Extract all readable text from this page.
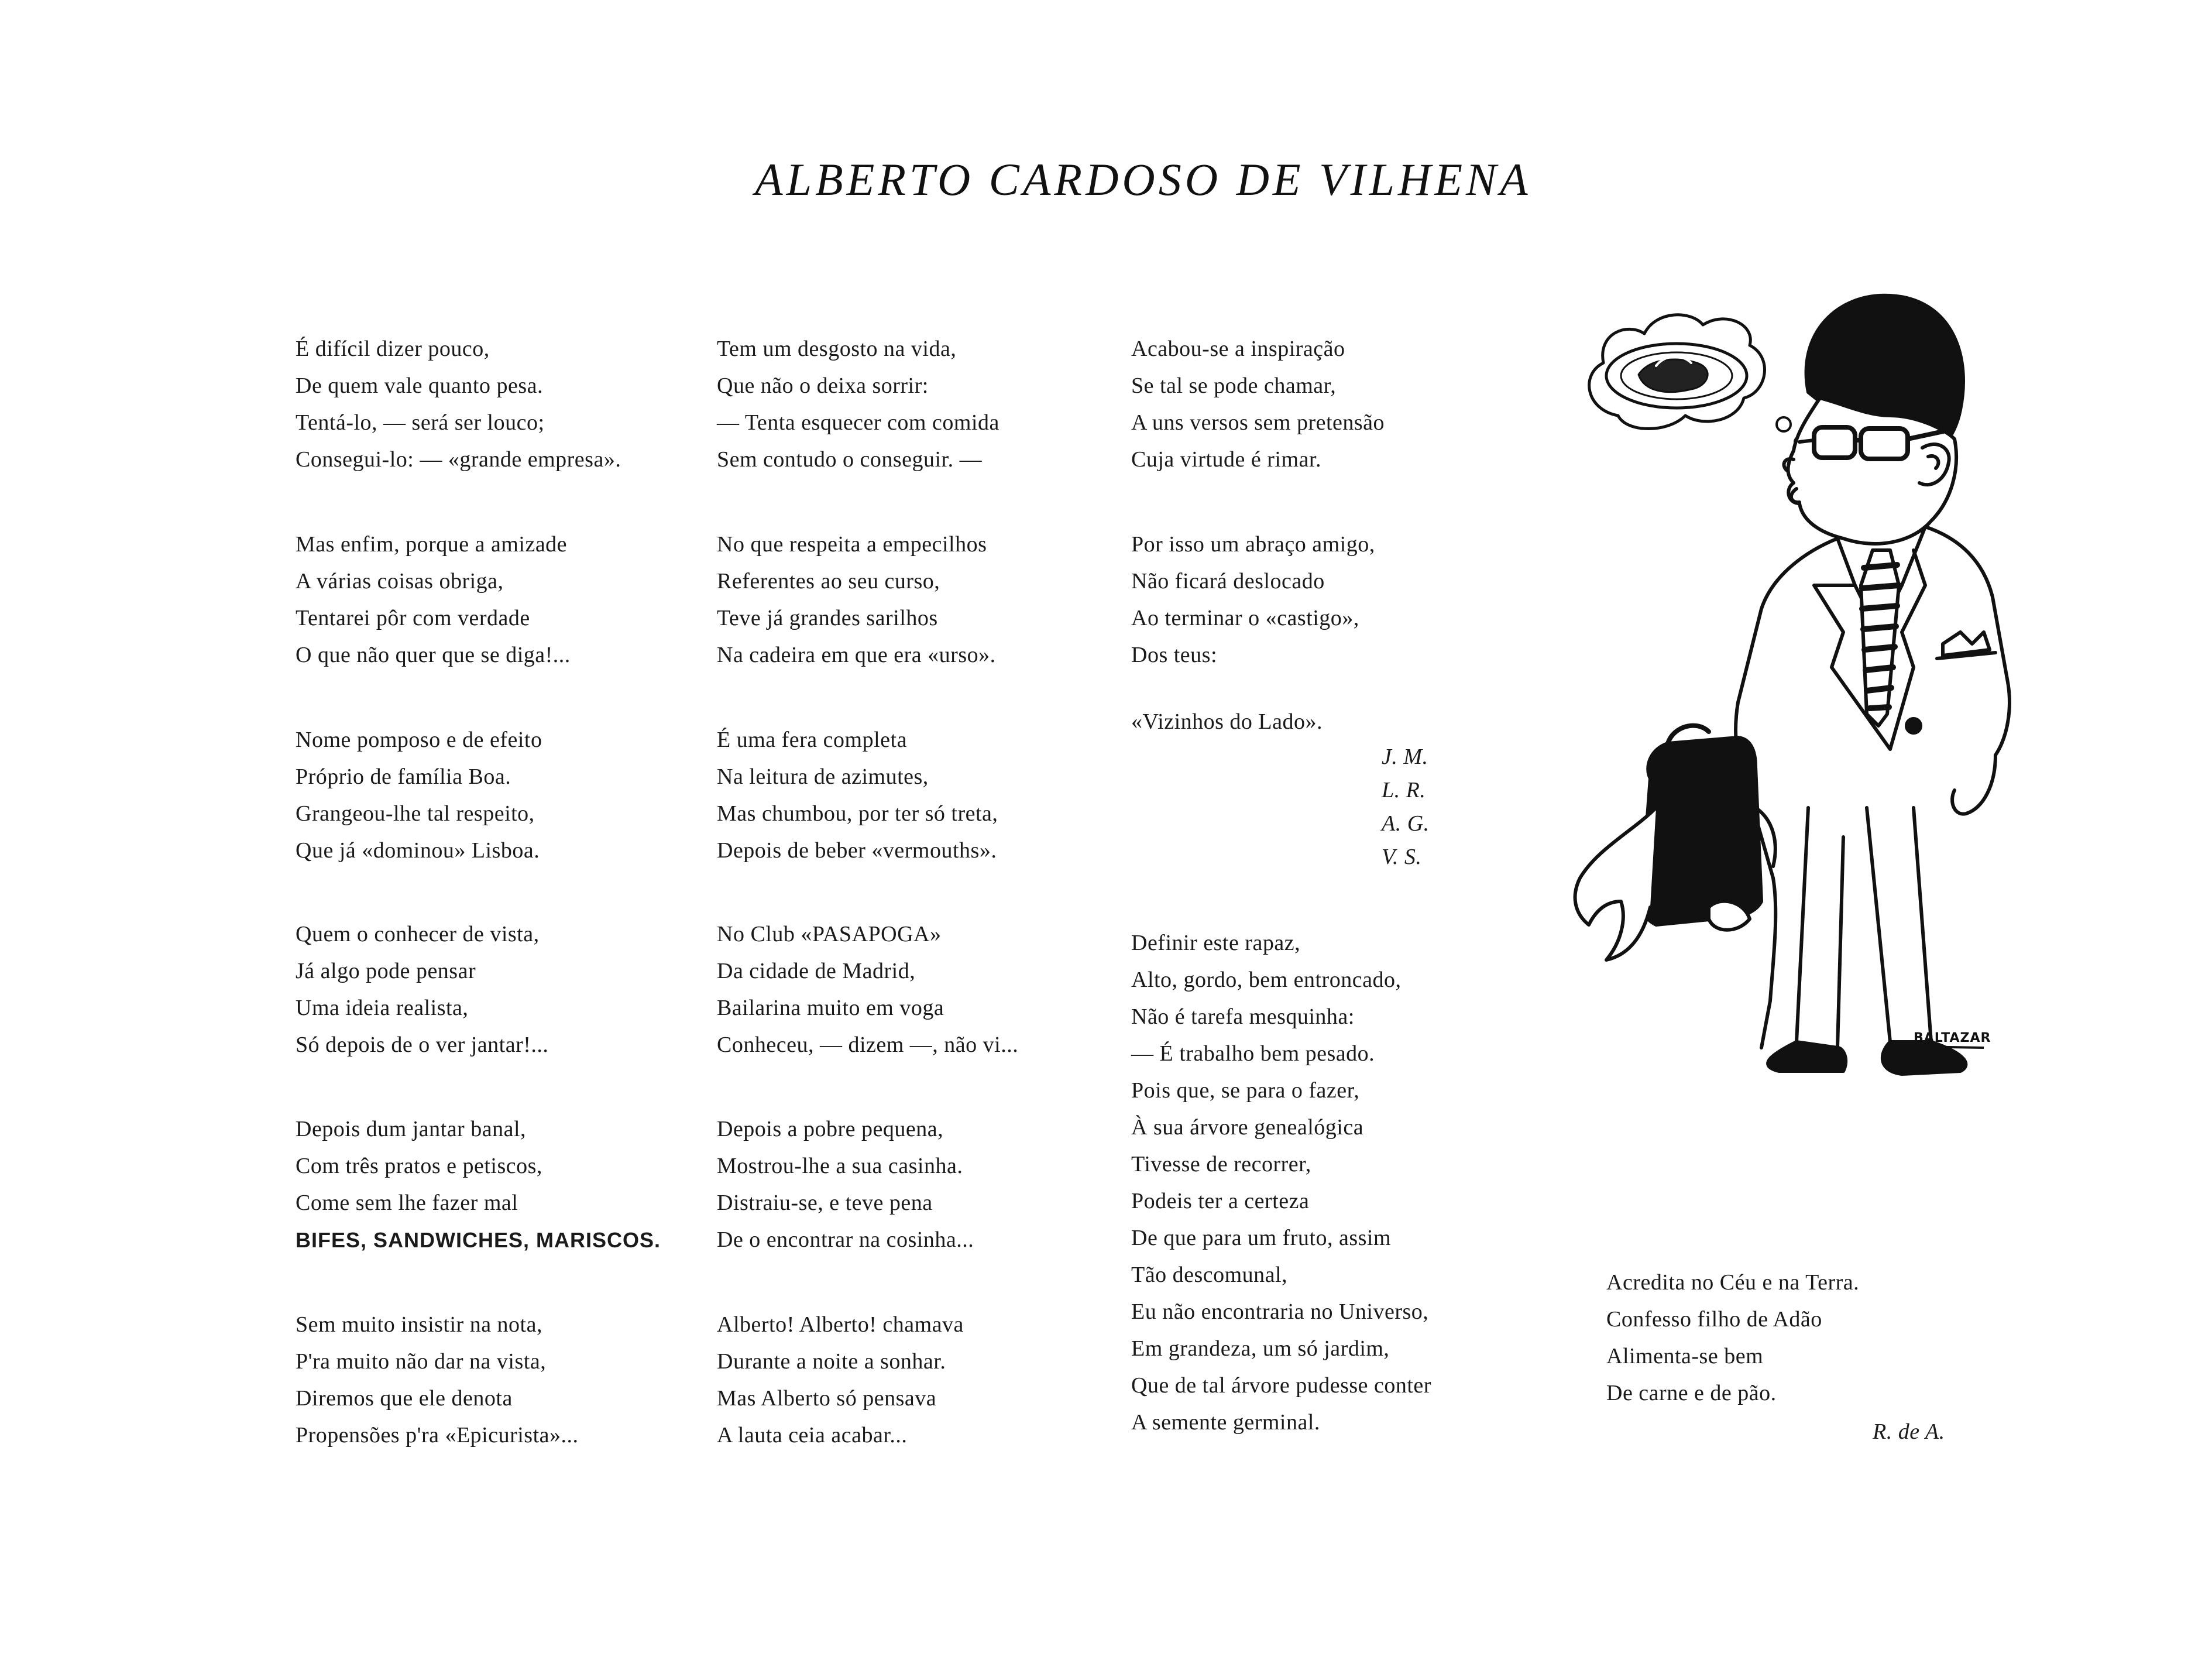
ALBERTO CARDOSO DE VILHENA
É difícil dizer pouco,
De quem vale quanto pesa.
Tentá-lo, — será ser louco;
Consegui-lo: — «grande empresa».
Mas enfim, porque a amizade
A várias coisas obriga,
Tentarei pôr com verdade
O que não quer que se diga!...
Nome pomposo e de efeito
Próprio de família Boa.
Grangeou-lhe tal respeito,
Que já «dominou» Lisboa.
Quem o conhecer de vista,
Já algo pode pensar
Uma ideia realista,
Só depois de o ver jantar!...
Depois dum jantar banal,
Com três pratos e petiscos,
Come sem lhe fazer mal
BIFES, SANDWICHES, MARISCOS.
Sem muito insistir na nota,
P'ra muito não dar na vista,
Diremos que ele denota
Propensões p'ra «Epicurista»...
Tem um desgosto na vida,
Que não o deixa sorrir:
— Tenta esquecer com comida
Sem contudo o conseguir. —
No que respeita a empecilhos
Referentes ao seu curso,
Teve já grandes sarilhos
Na cadeira em que era «urso».
É uma fera completa
Na leitura de azimutes,
Mas chumbou, por ter só treta,
Depois de beber «vermouths».
No Club «PASAPOGA»
Da cidade de Madrid,
Bailarina muito em voga
Conheceu, — dizem —, não vi...
Depois a pobre pequena,
Mostrou-lhe a sua casinha.
Distraiu-se, e teve pena
De o encontrar na cosinha...
Alberto! Alberto! chamava
Durante a noite a sonhar.
Mas Alberto só pensava
A lauta ceia acabar...
Acabou-se a inspiração
Se tal se pode chamar,
A uns versos sem pretensão
Cuja virtude é rimar.
Por isso um abraço amigo,
Não ficará deslocado
Ao terminar o «castigo»,
Dos teus:
«Vizinhos do Lado».
J. M.
L. R.
A. G.
V. S.
Definir este rapaz,
Alto, gordo, bem entroncado,
Não é tarefa mesquinha:
— É trabalho bem pesado.
Pois que, se para o fazer,
À sua árvore genealógica
Tivesse de recorrer,
Podeis ter a certeza
De que para um fruto, assim
Tão descomunal,
Eu não encontraria no Universo,
Em grandeza, um só jardim,
Que de tal árvore pudesse conter
A semente germinal.
Acredita no Céu e na Terra.
Confesso filho de Adão
Alimenta-se bem
De carne e de pão.
R. de A.
BALTAZAR
